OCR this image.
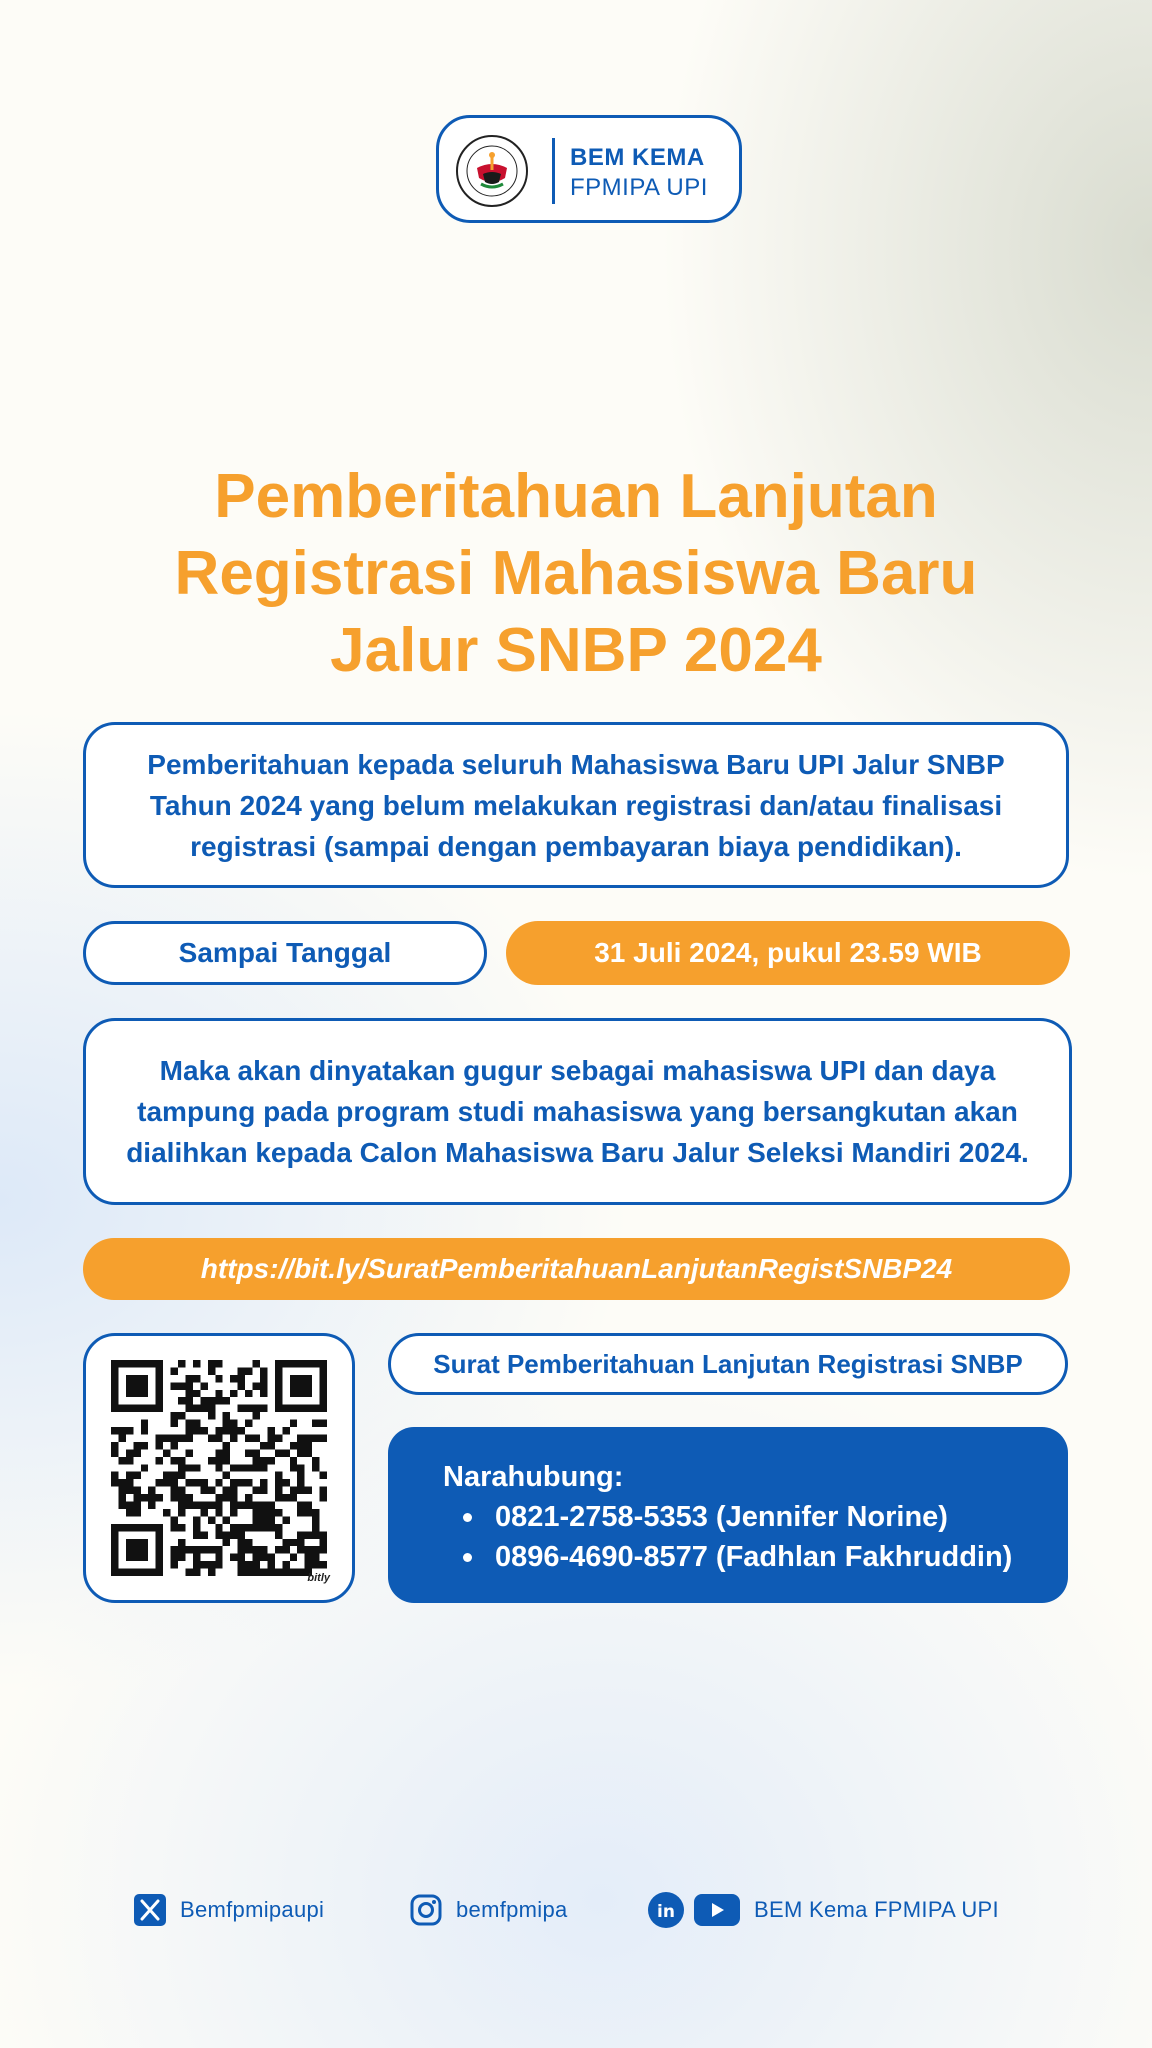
BEM KEMA
FPMIPA UPI
Pemberitahuan Lanjutan
Registrasi Mahasiswa Baru
Jalur SNBP 2024
Pemberitahuan kepada seluruh Mahasiswa Baru UPI Jalur SNBP Tahun 2024 yang belum melakukan registrasi dan/atau finalisasi registrasi (sampai dengan pembayaran biaya pendidikan).
Sampai Tanggal	31 Juli 2024, pukul 23.59 WIB
Maka akan dinyatakan gugur sebagai mahasiswa UPI dan daya tampung pada program studi mahasiswa yang bersangkutan akan dialihkan kepada Calon Mahasiswa Baru Jalur Seleksi Mandiri 2024.
https://bit.ly/SuratPemberitahuanLanjutanRegistSNBP24
bitly
Surat Pemberitahuan Lanjutan Registrasi SNBP
Narahubung:
0821-2758-5353 (Jennifer Norine)
0896-4690-8577 (Fadhlan Fakhruddin)
Bemfpmipaupi	bemfpmipa	in	BEM Kema FPMIPA UPI
